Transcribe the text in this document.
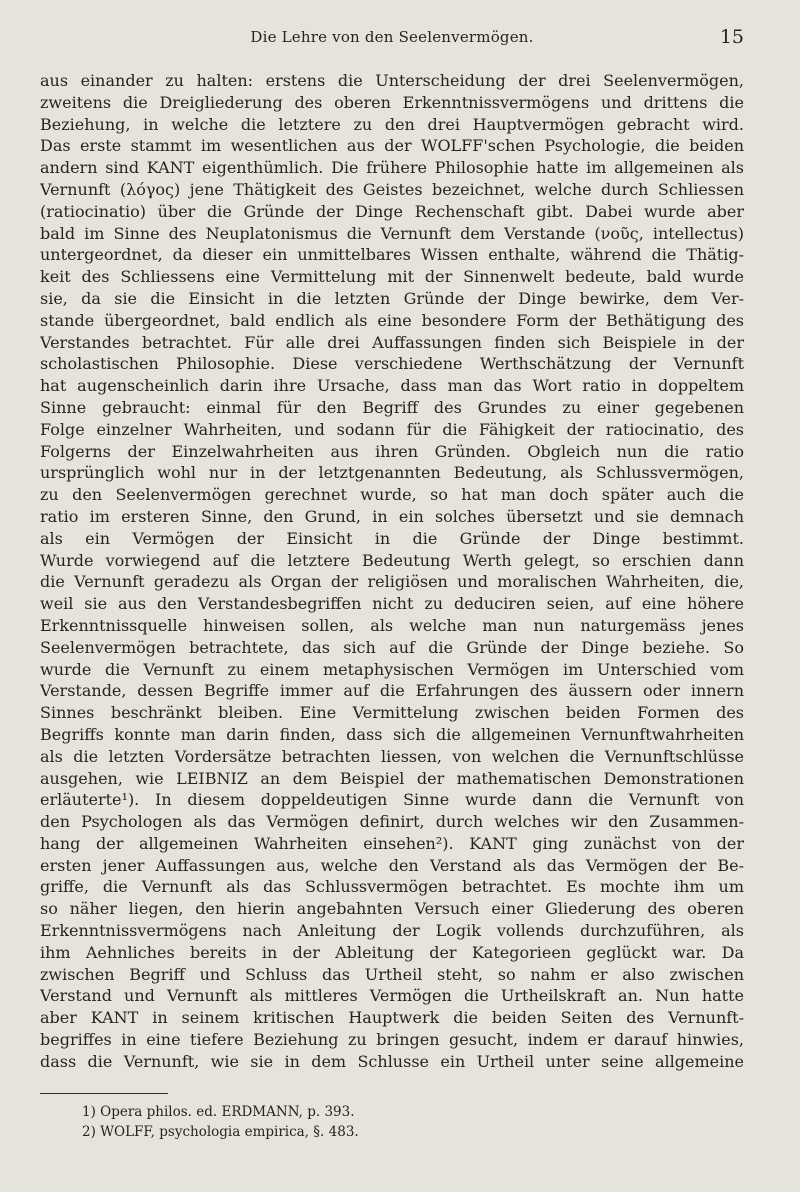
Die Lehre von den Seelenvermögen.	15
aus einander zu halten: erstens die Unterscheidung der drei Seelenvermögen,
zweitens die Dreigliederung des oberen Erkenntnissvermögens und drittens die
Beziehung, in welche die letztere zu den drei Hauptvermögen gebracht wird.
Das erste stammt im wesentlichen aus der WOLFF'schen Psychologie, die beiden
andern sind KANT eigenthümlich. Die frühere Philosophie hatte im allgemeinen als
Vernunft (λόγος) jene Thätigkeit des Geistes bezeichnet, welche durch Schliessen
(ratiocinatio) über die Gründe der Dinge Rechenschaft gibt. Dabei wurde aber
bald im Sinne des Neuplatonismus die Vernunft dem Verstande (νοῦς, intellectus)
untergeordnet, da dieser ein unmittelbares Wissen enthalte, während die Thätig-
keit des Schliessens eine Vermittelung mit der Sinnenwelt bedeute, bald wurde
sie, da sie die Einsicht in die letzten Gründe der Dinge bewirke, dem Ver-
stande übergeordnet, bald endlich als eine besondere Form der Bethätigung des
Verstandes betrachtet. Für alle drei Auffassungen finden sich Beispiele in der
scholastischen Philosophie. Diese verschiedene Werthschätzung der Vernunft
hat augenscheinlich darin ihre Ursache, dass man das Wort ratio in doppeltem
Sinne gebraucht: einmal für den Begriff des Grundes zu einer gegebenen
Folge einzelner Wahrheiten, und sodann für die Fähigkeit der ratiocinatio, des
Folgerns der Einzelwahrheiten aus ihren Gründen. Obgleich nun die ratio
ursprünglich wohl nur in der letztgenannten Bedeutung, als Schlussvermögen,
zu den Seelenvermögen gerechnet wurde, so hat man doch später auch die
ratio im ersteren Sinne, den Grund, in ein solches übersetzt und sie demnach
als ein Vermögen der Einsicht in die Gründe der Dinge bestimmt.
Wurde vorwiegend auf die letztere Bedeutung Werth gelegt, so erschien dann
die Vernunft geradezu als Organ der religiösen und moralischen Wahrheiten, die,
weil sie aus den Verstandesbegriffen nicht zu deduciren seien, auf eine höhere
Erkenntnissquelle hinweisen sollen, als welche man nun naturgemäss jenes
Seelenvermögen betrachtete, das sich auf die Gründe der Dinge beziehe. So
wurde die Vernunft zu einem metaphysischen Vermögen im Unterschied vom
Verstande, dessen Begriffe immer auf die Erfahrungen des äussern oder innern
Sinnes beschränkt bleiben. Eine Vermittelung zwischen beiden Formen des
Begriffs konnte man darin finden, dass sich die allgemeinen Vernunftwahrheiten
als die letzten Vordersätze betrachten liessen, von welchen die Vernunftschlüsse
ausgehen, wie LEIBNIZ an dem Beispiel der mathematischen Demonstrationen
erläuterte¹). In diesem doppeldeutigen Sinne wurde dann die Vernunft von
den Psychologen als das Vermögen definirt, durch welches wir den Zusammen-
hang der allgemeinen Wahrheiten einsehen²). KANT ging zunächst von der
ersten jener Auffassungen aus, welche den Verstand als das Vermögen der Be-
griffe, die Vernunft als das Schlussvermögen betrachtet. Es mochte ihm um
so näher liegen, den hierin angebahnten Versuch einer Gliederung des oberen
Erkenntnissvermögens nach Anleitung der Logik vollends durchzuführen, als
ihm Aehnliches bereits in der Ableitung der Kategorieen geglückt war. Da
zwischen Begriff und Schluss das Urtheil steht, so nahm er also zwischen
Verstand und Vernunft als mittleres Vermögen die Urtheilskraft an. Nun hatte
aber KANT in seinem kritischen Hauptwerk die beiden Seiten des Vernunft-
begriffes in eine tiefere Beziehung zu bringen gesucht, indem er darauf hinwies,
dass die Vernunft, wie sie in dem Schlusse ein Urtheil unter seine allgemeine
1) Opera philos. ed. ERDMANN, p. 393.
2) WOLFF, psychologia empirica, §. 483.
